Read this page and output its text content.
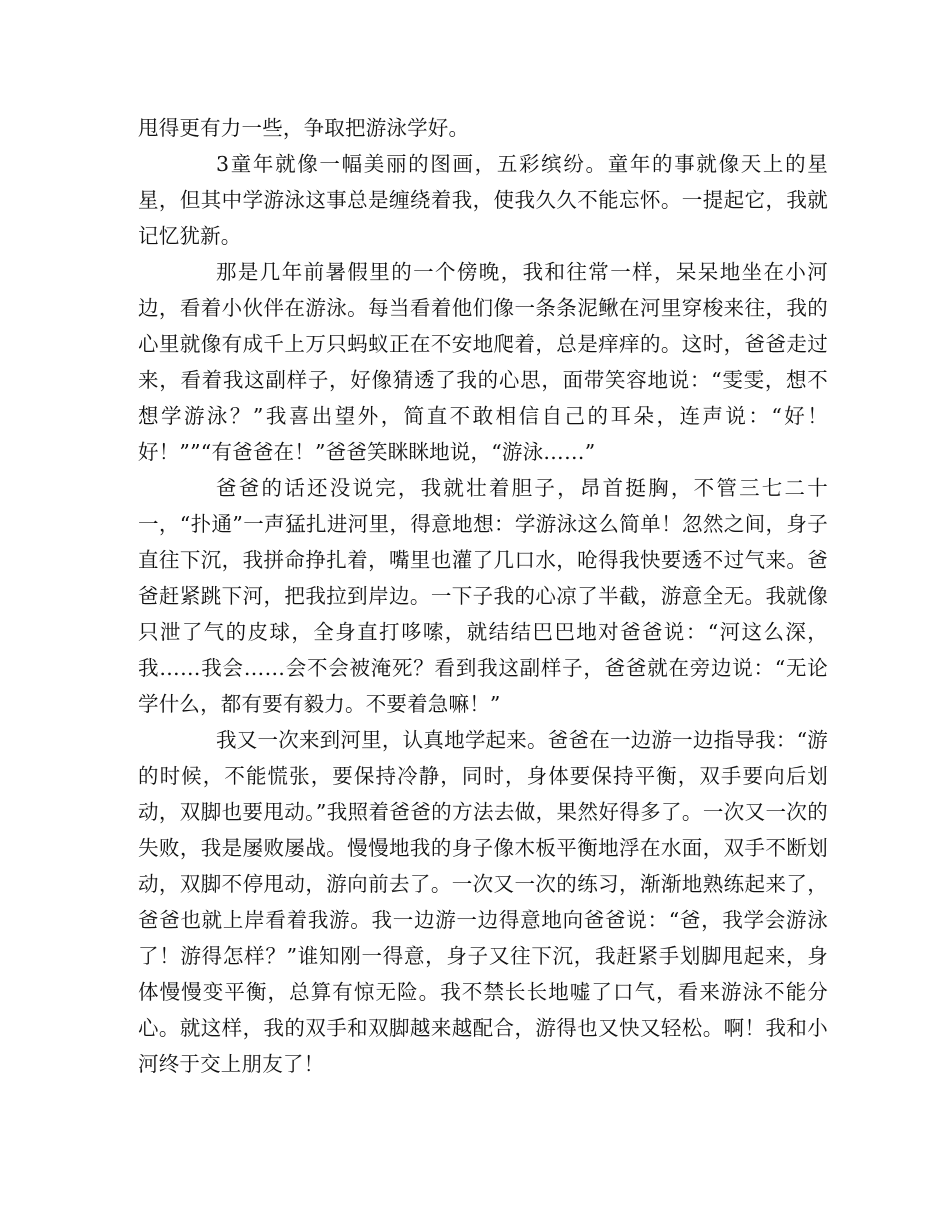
甩得更有力一些，争取把游泳学好。

3童年就像一幅美丽的图画，五彩缤纷。童年的事就像天上的星星，但其中学游泳这事总是缠绕着我，使我久久不能忘怀。一提起它，我就记忆犹新。

那是几年前暑假里的一个傍晚，我和往常一样，呆呆地坐在小河边，看着小伙伴在游泳。每当看着他们像一条条泥鳅在河里穿梭来往，我的心里就像有成千上万只蚂蚁正在不安地爬着，总是痒痒的。这时，爸爸走过来，看着我这副样子，好像猜透了我的心思，面带笑容地说：“雯雯，想不想学游泳？”我喜出望外，简直不敢相信自己的耳朵，连声说：“好！好！””“有爸爸在！”爸爸笑眯眯地说，“游泳……”

爸爸的话还没说完，我就壮着胆子，昂首挺胸，不管三七二十一，“扑通”一声猛扎进河里，得意地想：学游泳这么简单！忽然之间，身子直往下沉，我拼命挣扎着，嘴里也灌了几口水，呛得我快要透不过气来。爸爸赶紧跳下河，把我拉到岸边。一下子我的心凉了半截，游意全无。我就像只泄了气的皮球，全身直打哆嗦，就结结巴巴地对爸爸说：“河这么深，我……我会……会不会被淹死？看到我这副样子，爸爸就在旁边说：“无论学什么，都有要有毅力。不要着急嘛！”

我又一次来到河里，认真地学起来。爸爸在一边游一边指导我：“游的时候，不能慌张，要保持冷静，同时，身体要保持平衡，双手要向后划动，双脚也要甩动。”我照着爸爸的方法去做，果然好得多了。一次又一次的失败，我是屡败屡战。慢慢地我的身子像木板平衡地浮在水面，双手不断划动，双脚不停甩动，游向前去了。一次又一次的练习，渐渐地熟练起来了，爸爸也就上岸看着我游。我一边游一边得意地向爸爸说：“爸，我学会游泳了！游得怎样？”谁知刚一得意，身子又往下沉，我赶紧手划脚甩起来，身体慢慢变平衡，总算有惊无险。我不禁长长地嘘了口气，看来游泳不能分心。就这样，我的双手和双脚越来越配合，游得也又快又轻松。啊！我和小河终于交上朋友了！
